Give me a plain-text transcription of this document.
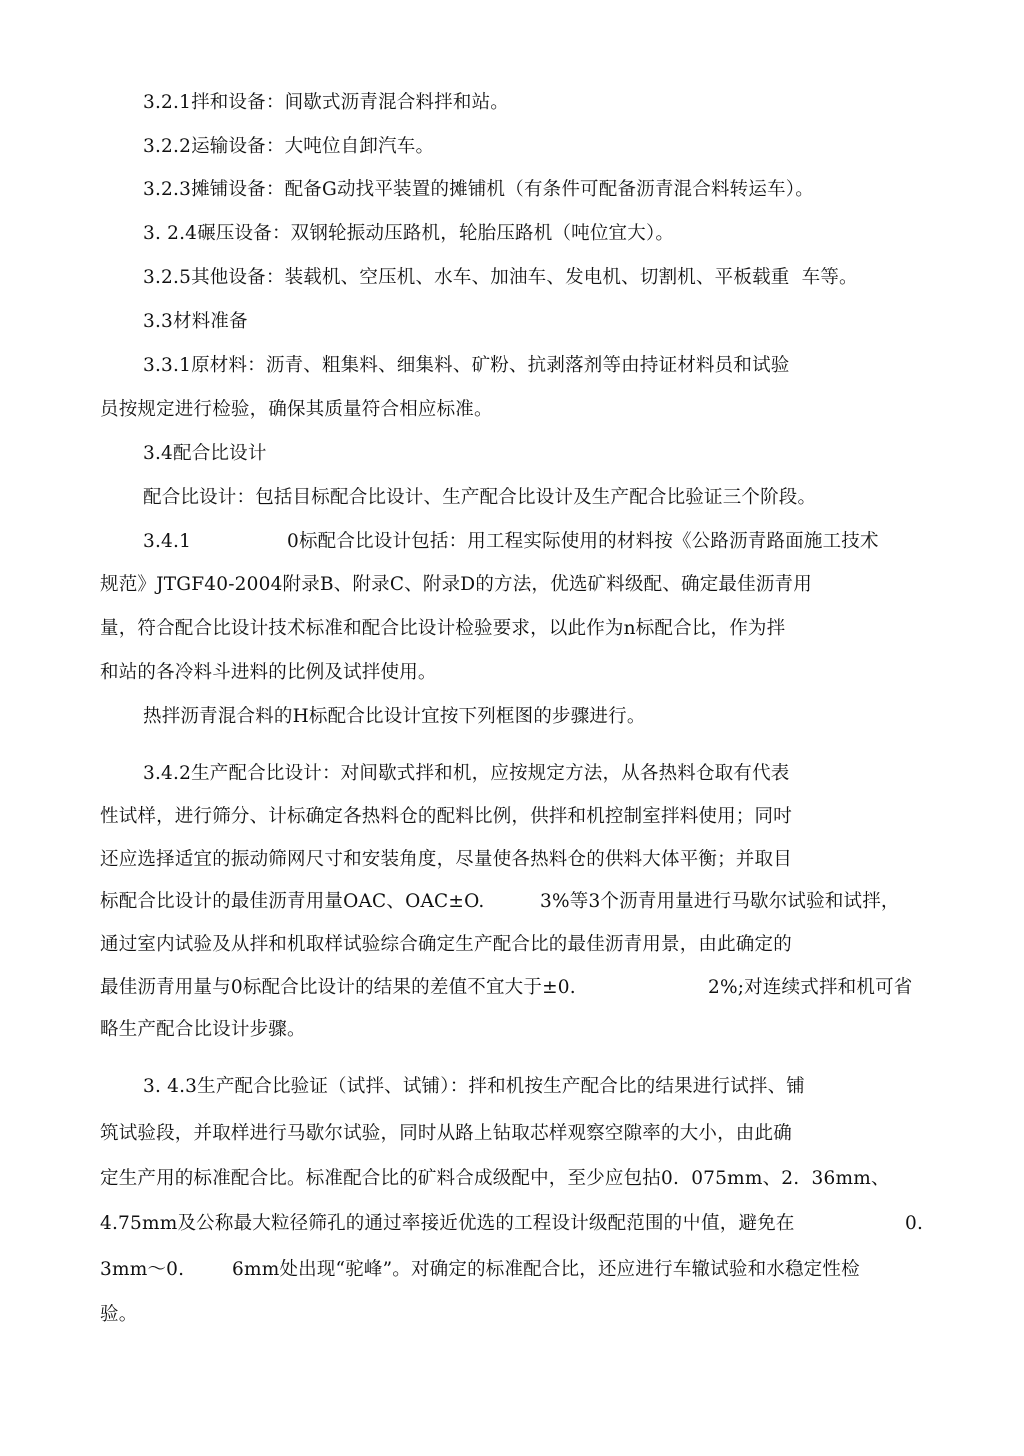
3.2.1拌和设备：间歇式沥青混合料拌和站。
3.2.2运输设备：大吨位自卸汽车。
3.2.3摊铺设备：配备G动找平装置的摊铺机（有条件可配备沥青混合料转运车）。
3. 2.4碾压设备：双钢轮振动压路机，轮胎压路机（吨位宜大）。
3.2.5其他设备：装载机、空压机、水车、加油车、发电机、切割机、平板载重  车等。
3.3材料准备
3.3.1原材料：沥青、粗集料、细集料、矿粉、抗剥落剂等由持证材料员和试验
员按规定进行检验，确保其质量符合相应标准。
3.4配合比设计
配合比设计：包括目标配合比设计、生产配合比设计及生产配合比验证三个阶段。
3.4.1	0标配合比设计包括：用工程实际使用的材料按《公路沥青路面施工技术
规范》JTGF40-2004附录B、附录C、附录D的方法，优选矿料级配、确定最佳沥青用
量，符合配合比设计技术标准和配合比设计检验要求，以此作为n标配合比，作为拌
和站的各冷料斗进料的比例及试拌使用。
热拌沥青混合料的H标配合比设计宜按下列框图的步骤进行。
3.4.2生产配合比设计：对间歇式拌和机，应按规定方法，从各热料仓取有代表
性试样，进行筛分、计标确定各热料仓的配料比例，供拌和机控制室拌料使用；同吋
还应选择适宜的振动筛网尺寸和安装角度，尽量使各热料仓的供料大体平衡；并取目
标配合比设计的最佳沥青用量OAC、OAC±O.	3%等3个沥青用量进行马歇尔试验和试拌，
通过室内试验及从拌和机取样试验综合确定生产配合比的最佳沥青用景，由此确定的
最佳沥青用量与0标配合比设计的结果的差值不宜大于±0.	2%;对连续式拌和机可省
略生产配合比设计步骤。
3. 4.3生产配合比验证（试拌、试铺）：拌和机按生产配合比的结果进行试拌、铺
筑试验段，并取样进行马歇尔试验，同时从路上钻取芯样观察空隙率的大小，由此确
定生产用的标准配合比。标准配合比的矿料合成级配中，至少应包拈0.  075mm、2.  36mm、
4.75mm及公称最大粒径筛孔的通过率接近优选的工程设计级配范围的屮值，避免在	0.
3mm～0.	6mm处出现“驼峰”。对确定的标准配合比，还应进行车辙试验和水稳定性检
验。
